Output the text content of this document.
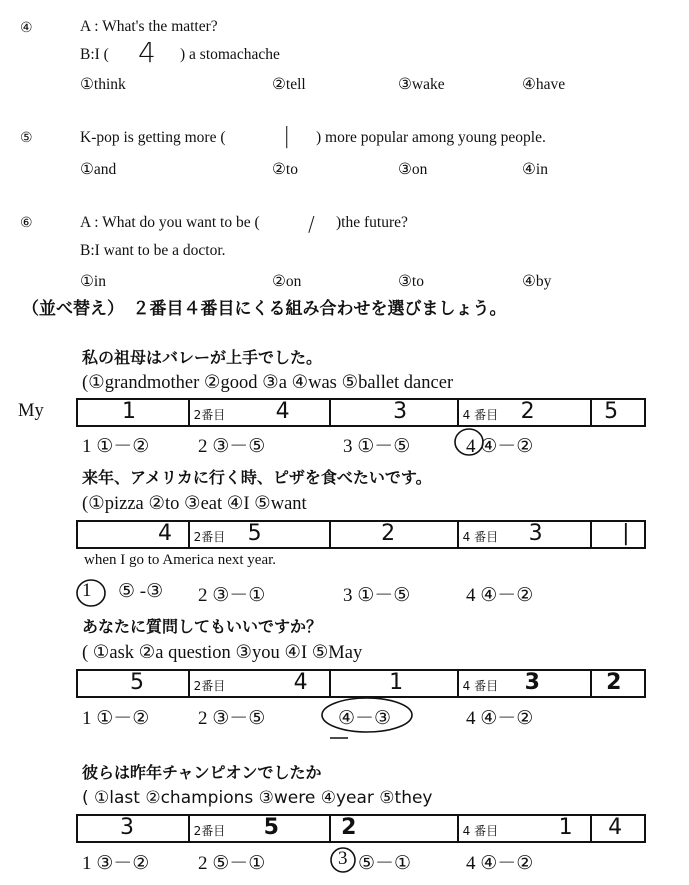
④	A : What's the matter?
B:I ( 4 ) a stomachache
①think	②tell	③wake	④have
⑤	K-pop is getting more (	| ) more popular among young people.
①and	②to	③on	④in
⑥	A : What do you want to be ( / )the future?
B:I want to be a doctor.
①in	②on	③to	④by
（並べ替え）　２番目４番目にくる組み合わせを選びましょう。
私の祖母はバレーが上手でした。
(①grandmother ②good ③a ④was ⑤ballet dancer
My	1	2番目 4	3	4 番目 2	5
1 ①－②	2 ③－⑤	3 ①－⑤	4 ④－②
来年、アメリカに行く時、ピザを食べたいです。
(①pizza ②to ③eat ④I ⑤want
4	2番目 5	2	4 番目 3	|
when I go to America next year.
1 ⑤ -③ 2 ③－①	3 ①－⑤	4 ④－②
あなたに質問してもいいですか？
( ①ask ②a question ③you ④I ⑤May
5	2番目	4	1	4 番目 3	2
1 ①－②	2 ③－⑤	④－③	4 ④－②
彼らは昨年チャンピオンでしたか
( ①last ②champions ③were ④year ⑤they
3	2番目 5	2	4 番目	1	4
1 ③－②	2 ⑤－①	3 ⑤－①	4 ④－②
